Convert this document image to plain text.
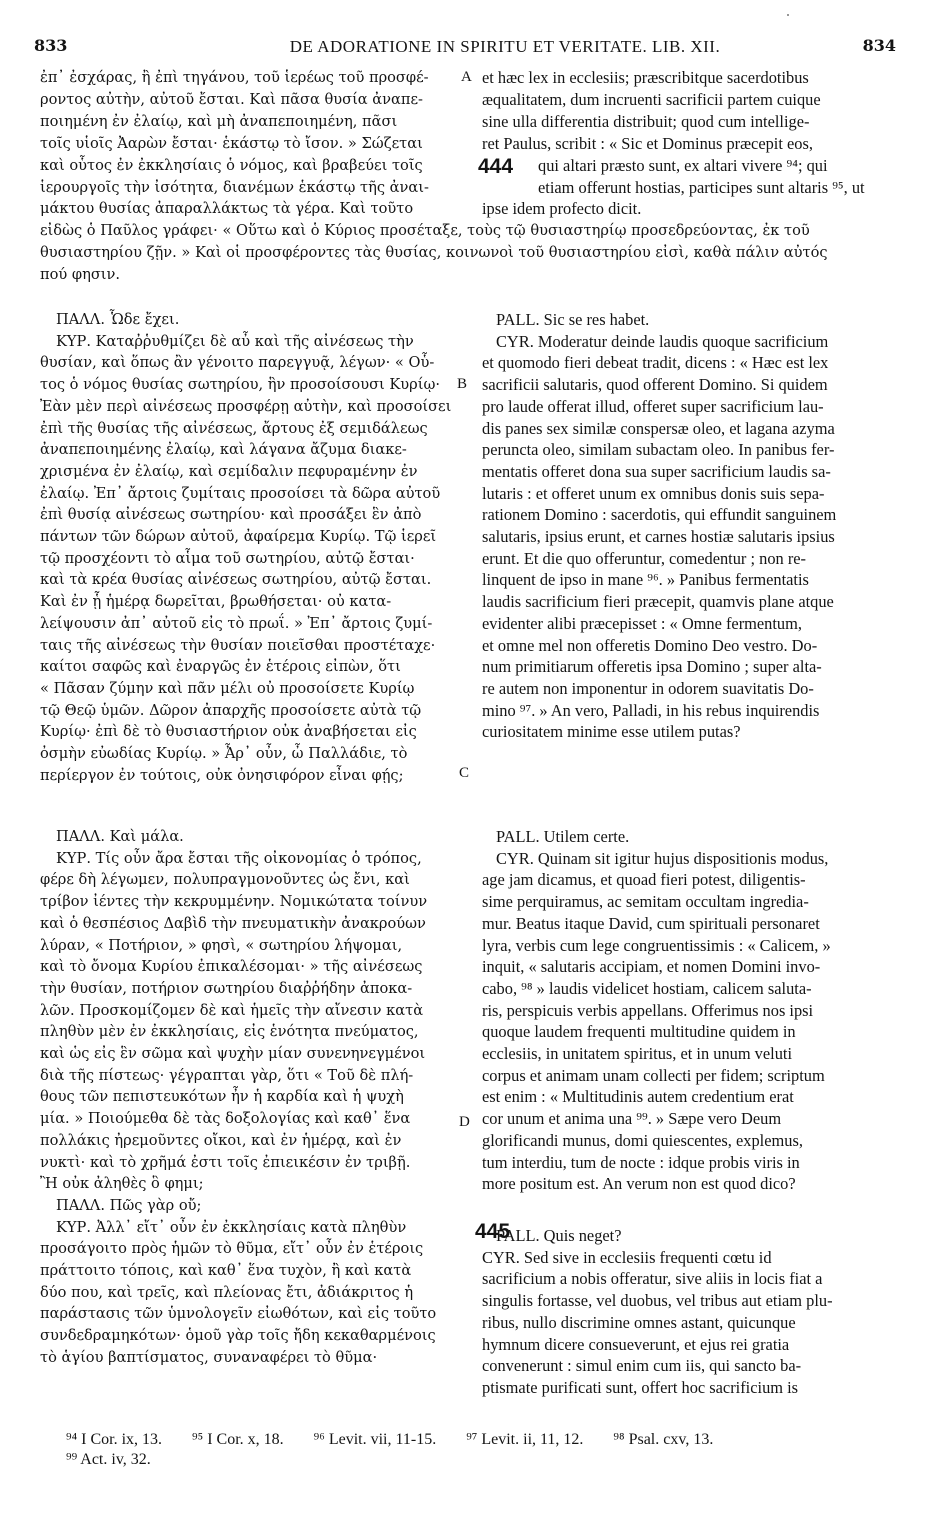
833	DE ADORATIONE IN SPIRITU ET VERITATE. LIB. XII.	834
ἐπ᾽ ἐσχάρας, ἢ ἐπὶ τηγάνου, τοῦ ἱερέως τοῦ προσφέ-
ροντος αὐτὴν, αὐτοῦ ἔσται. Καὶ πᾶσα θυσία ἀναπε-
ποιημένη ἐν ἐλαίῳ, καὶ μὴ ἀναπεποιημένη, πᾶσι
τοῖς υἱοῖς Ἀαρὼν ἔσται· ἑκάστῳ τὸ ἴσον. » Σώζεται
καὶ οὗτος ἐν ἐκκλησίαις ὁ νόμος, καὶ βραβεύει τοῖς
ἱερουργοῖς τὴν ἰσότητα, διανέμων ἑκάστῳ τῆς ἀναι-
μάκτου θυσίας ἀπαραλλάκτως τὰ γέρα. Καὶ τοῦτο
εἰδὼς ὁ Παῦλος γράφει· « Οὕτω καὶ ὁ Κύριος προσέταξε, τοὺς τῷ θυσιαστηρίῳ προσεδρεύοντας, ἐκ τοῦ
θυσιαστηρίου ζῇν. » Καὶ οἱ προσφέροντες τὰς θυσίας, κοινωνοὶ τοῦ θυσιαστηρίου εἰσὶ, καθὰ πάλιν αὐτός
πού φησιν.
ΠΑΛΛ. Ὧδε ἔχει.
ΚΥΡ. Καταῤῥυθμίζει δὲ αὖ καὶ τῆς αἰνέσεως τὴν
θυσίαν, καὶ ὅπως ἂν γένοιτο παρεγγυᾷ, λέγων· « Οὗ-
τος ὁ νόμος θυσίας σωτηρίου, ἣν προσοίσουσι Κυρίῳ·
Ἐὰν μὲν περὶ αἰνέσεως προσφέρῃ αὐτὴν, καὶ προσοίσει
ἐπὶ τῆς θυσίας τῆς αἰνέσεως, ἄρτους ἐξ σεμιδάλεως
ἀναπεποιημένης ἐλαίῳ, καὶ λάγανα ἄζυμα διακε-
χρισμένα ἐν ἐλαίῳ, καὶ σεμίδαλιν πεφυραμένην ἐν
ἐλαίῳ. Ἐπ᾽ ἄρτοις ζυμίταις προσοίσει τὰ δῶρα αὐτοῦ
ἐπὶ θυσίᾳ αἰνέσεως σωτηρίου· καὶ προσάξει ἓν ἀπὸ
πάντων τῶν δώρων αὐτοῦ, ἀφαίρεμα Κυρίῳ. Τῷ ἱερεῖ
τῷ προσχέοντι τὸ αἷμα τοῦ σωτηρίου, αὐτῷ ἔσται·
καὶ τὰ κρέα θυσίας αἰνέσεως σωτηρίου, αὐτῷ ἔσται.
Καὶ ἐν ᾗ ἡμέρᾳ δωρεῖται, βρωθήσεται· οὐ κατα-
λείψουσιν ἀπ᾽ αὐτοῦ εἰς τὸ πρωΐ. » Ἐπ᾽ ἄρτοις ζυμί-
ταις τῆς αἰνέσεως τὴν θυσίαν ποιεῖσθαι προστέταχε·
καίτοι σαφῶς καὶ ἐναργῶς ἐν ἑτέροις εἰπὼν, ὅτι
« Πᾶσαν ζύμην καὶ πᾶν μέλι οὐ προσοίσετε Κυρίῳ
τῷ Θεῷ ὑμῶν. Δῶρον ἀπαρχῆς προσοίσετε αὐτὰ τῷ
Κυρίῳ· ἐπὶ δὲ τὸ θυσιαστήριον οὐκ ἀναβήσεται εἰς
ὀσμὴν εὐωδίας Κυρίῳ. » Ἆρ᾽ οὖν, ὦ Παλλάδιε, τὸ
περίεργον ἐν τούτοις, οὐκ ὀνησιφόρον εἶναι φῄς;
ΠΑΛΛ. Καὶ μάλα.
ΚΥΡ. Τίς οὖν ἄρα ἔσται τῆς οἰκονομίας ὁ τρόπος,
φέρε δὴ λέγωμεν, πολυπραγμονοῦντες ὡς ἔνι, καὶ
τρίβον ἰέντες τὴν κεκρυμμένην. Νομικώτατα τοίνυν
καὶ ὁ θεσπέσιος Δαβὶδ τὴν πνευματικὴν ἀνακρούων
λύραν, « Ποτήριον, » φησὶ, « σωτηρίου λήψομαι,
καὶ τὸ ὄνομα Κυρίου ἐπικαλέσομαι· » τῆς αἰνέσεως
τὴν θυσίαν, ποτήριον σωτηρίου διαῤῥήδην ἀποκα-
λῶν. Προσκομίζομεν δὲ καὶ ἡμεῖς τὴν αἴνεσιν κατὰ
πληθὺν μὲν ἐν ἐκκλησίαις, εἰς ἑνότητα πνεύματος,
καὶ ὡς εἰς ἓν σῶμα καὶ ψυχὴν μίαν συνενηνεγμένοι
διὰ τῆς πίστεως· γέγραπται γὰρ, ὅτι « Τοῦ δὲ πλή-
θους τῶν πεπιστευκότων ἦν ἡ καρδία καὶ ἡ ψυχὴ
μία. » Ποιούμεθα δὲ τὰς δοξολογίας καὶ καθ᾽ ἕνα
πολλάκις ἠρεμοῦντες οἴκοι, καὶ ἐν ἡμέρᾳ, καὶ ἐν
νυκτὶ· καὶ τὸ χρῆμά ἐστι τοῖς ἐπιεικέσιν ἐν τριβῇ.
Ἢ οὐκ ἀληθὲς ὃ φημι;
ΠΑΛΛ. Πῶς γὰρ οὔ;
ΚΥΡ. Ἀλλ᾽ εἴτ᾽ οὖν ἐν ἐκκλησίαις κατὰ πληθὺν
προσάγοιτο πρὸς ἡμῶν τὸ θῦμα, εἴτ᾽ οὖν ἐν ἑτέροις
πράττοιτο τόποις, καὶ καθ᾽ ἕνα τυχὸν, ἢ καὶ κατὰ
δύο που, καὶ τρεῖς, καὶ πλείονας ἔτι, ἀδιάκριτος ἡ
παράστασις τῶν ὑμνολογεῖν εἰωθότων, καὶ εἰς τοῦτο
συνδεδραμηκότων· ὁμοῦ γὰρ τοῖς ἤδη κεκαθαρμένοις
τὸ ἁγίου βαπτίσματος, συναναφέρει τὸ θῦμα·
et hæc lex in ecclesiis; præscribitque sacerdotibus
æqualitatem, dum incruenti sacrificii partem cuique
sine ulla differentia distribuit; quod cum intellige-
ret Paulus, scribit : « Sic et Dominus præcepit eos,
qui altari præsto sunt, ex altari vivere ⁹⁴; qui
etiam offerunt hostias, participes sunt altaris ⁹⁵, ut
ipse idem profecto dicit.
PALL. Sic se res habet.
CYR. Moderatur deinde laudis quoque sacrificium
et quomodo fieri debeat tradit, dicens : « Hæc est lex
sacrificii salutaris, quod offerent Domino. Si quidem
pro laude offerat illud, offeret super sacrificium lau-
dis panes sex similæ conspersæ oleo, et lagana azyma
peruncta oleo, similam subactam oleo. In panibus fer-
mentatis offeret dona sua super sacrificium laudis sa-
lutaris : et offeret unum ex omnibus donis suis sepa-
rationem Domino : sacerdotis, qui effundit sanguinem
salutaris, ipsius erunt, et carnes hostiæ salutaris ipsius
erunt. Et die quo offeruntur, comedentur ; non re-
linquent de ipso in mane ⁹⁶. » Panibus fermentatis
laudis sacrificium fieri præcepit, quamvis plane atque
evidenter alibi præcepisset : « Omne fermentum,
et omne mel non offeretis Domino Deo vestro. Do-
num primitiarum offeretis ipsa Domino ; super alta-
re autem non imponentur in odorem suavitatis Do-
mino ⁹⁷. » An vero, Palladi, in his rebus inquirendis
curiositatem minime esse utilem putas?
PALL. Utilem certe.
CYR. Quinam sit igitur hujus dispositionis modus,
age jam dicamus, et quoad fieri potest, diligentis-
sime perquiramus, ac semitam occultam ingredia-
mur. Beatus itaque David, cum spirituali personaret
lyra, verbis cum lege congruentissimis : « Calicem, »
inquit, « salutaris accipiam, et nomen Domini invo-
cabo, ⁹⁸ » laudis videlicet hostiam, calicem saluta-
ris, perspicuis verbis appellans. Offerimus nos ipsi
quoque laudem frequenti multitudine quidem in
ecclesiis, in unitatem spiritus, et in unum veluti
corpus et animam unam collecti per fidem; scriptum
est enim : « Multitudinis autem credentium erat
cor unum et anima una ⁹⁹. » Sæpe vero Deum
glorificandi munus, domi quiescentes, explemus,
tum interdiu, tum de nocte : idque probis viris in
more positum est. An verum non est quod dico?
PALL. Quis neget?
CYR. Sed sive in ecclesiis frequenti cœtu id
sacrificium a nobis offeratur, sive aliis in locis fiat a
singulis fortasse, vel duobus, vel tribus aut etiam plu-
ribus, nullo discrimine omnes astant, quicunque
hymnum dicere consueverunt, et ejus rei gratia
convenerunt : simul enim cum iis, qui sancto ba-
ptismate purificati sunt, offert hoc sacrificium is
A
B
C
D
444
445
⁹⁴ I Cor. ix, 13. ⁹⁵ I Cor. x, 18. ⁹⁶ Levit. vii, 11-15. ⁹⁷ Levit. ii, 11, 12. ⁹⁸ Psal. cxv, 13.
⁹⁹ Act. iv, 32.
